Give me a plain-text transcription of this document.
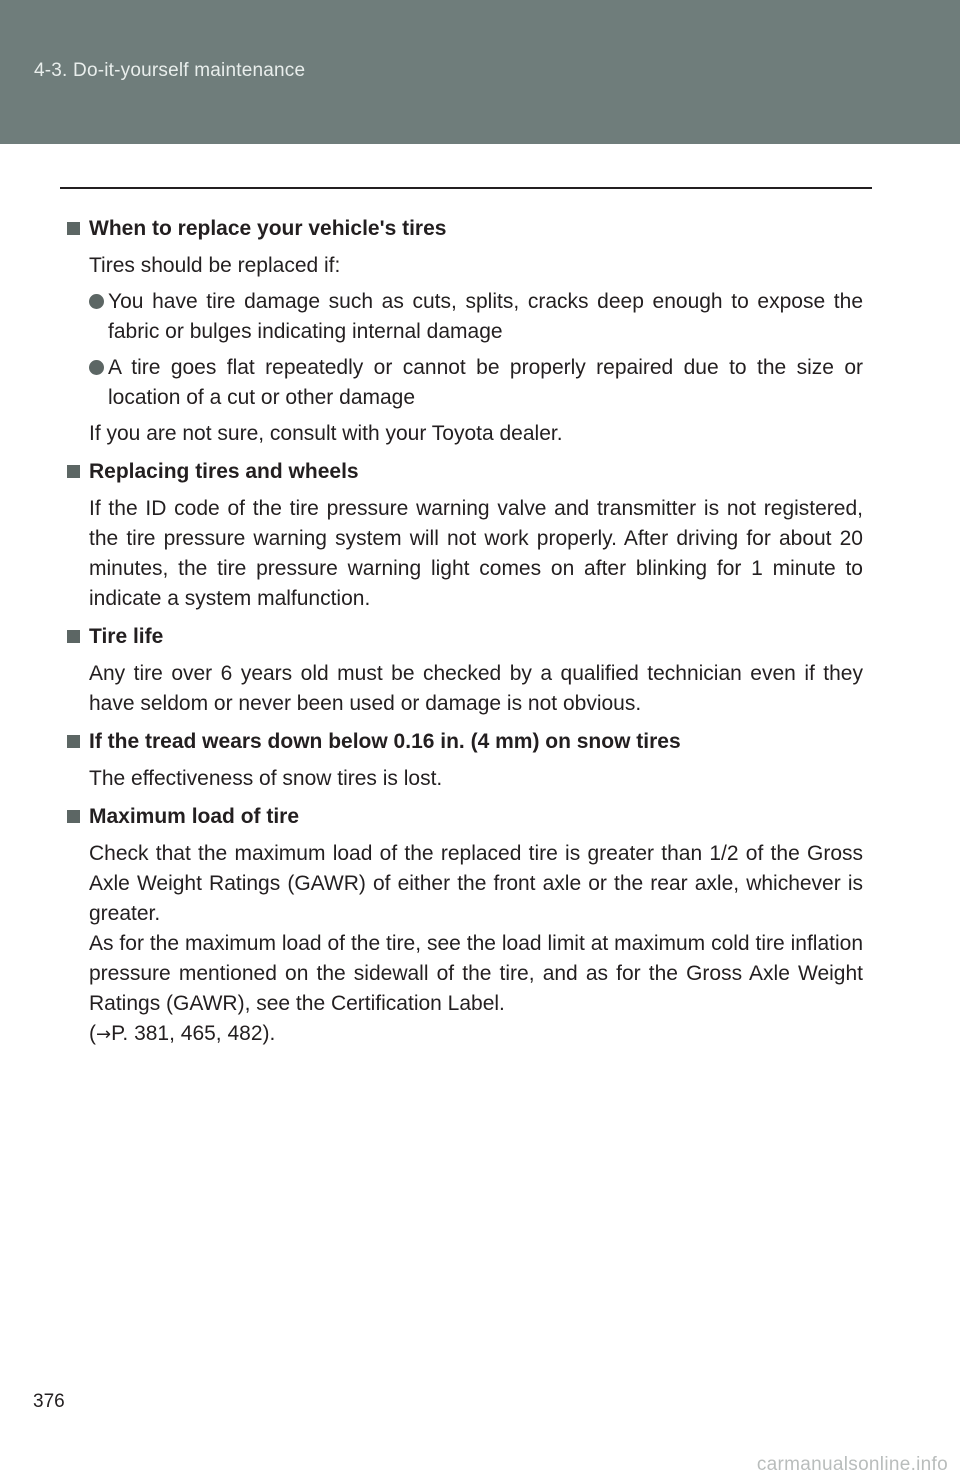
4-3. Do-it-yourself maintenance
When to replace your vehicle's tires
Tires should be replaced if:
You have tire damage such as cuts, splits, cracks deep enough to expose the fabric or bulges indicating internal damage
A tire goes flat repeatedly or cannot be properly repaired due to the size or location of a cut or other damage
If you are not sure, consult with your Toyota dealer.
Replacing tires and wheels
If the ID code of the tire pressure warning valve and transmitter is not registered, the tire pressure warning system will not work properly. After driving for about 20 minutes, the tire pressure warning light comes on after blinking for 1 minute to indicate a system malfunction.
Tire life
Any tire over 6 years old must be checked by a qualified technician even if they have seldom or never been used or damage is not obvious.
If the tread wears down below 0.16 in. (4 mm) on snow tires
The effectiveness of snow tires is lost.
Maximum load of tire
Check that the maximum load of the replaced tire is greater than 1/2 of the Gross Axle Weight Ratings (GAWR) of either the front axle or the rear axle, whichever is greater.
As for the maximum load of the tire, see the load limit at maximum cold tire inflation pressure mentioned on the sidewall of the tire, and as for the Gross Axle Weight Ratings (GAWR), see the Certification Label.
(→P. 381, 465, 482).
376
carmanualsonline.info
